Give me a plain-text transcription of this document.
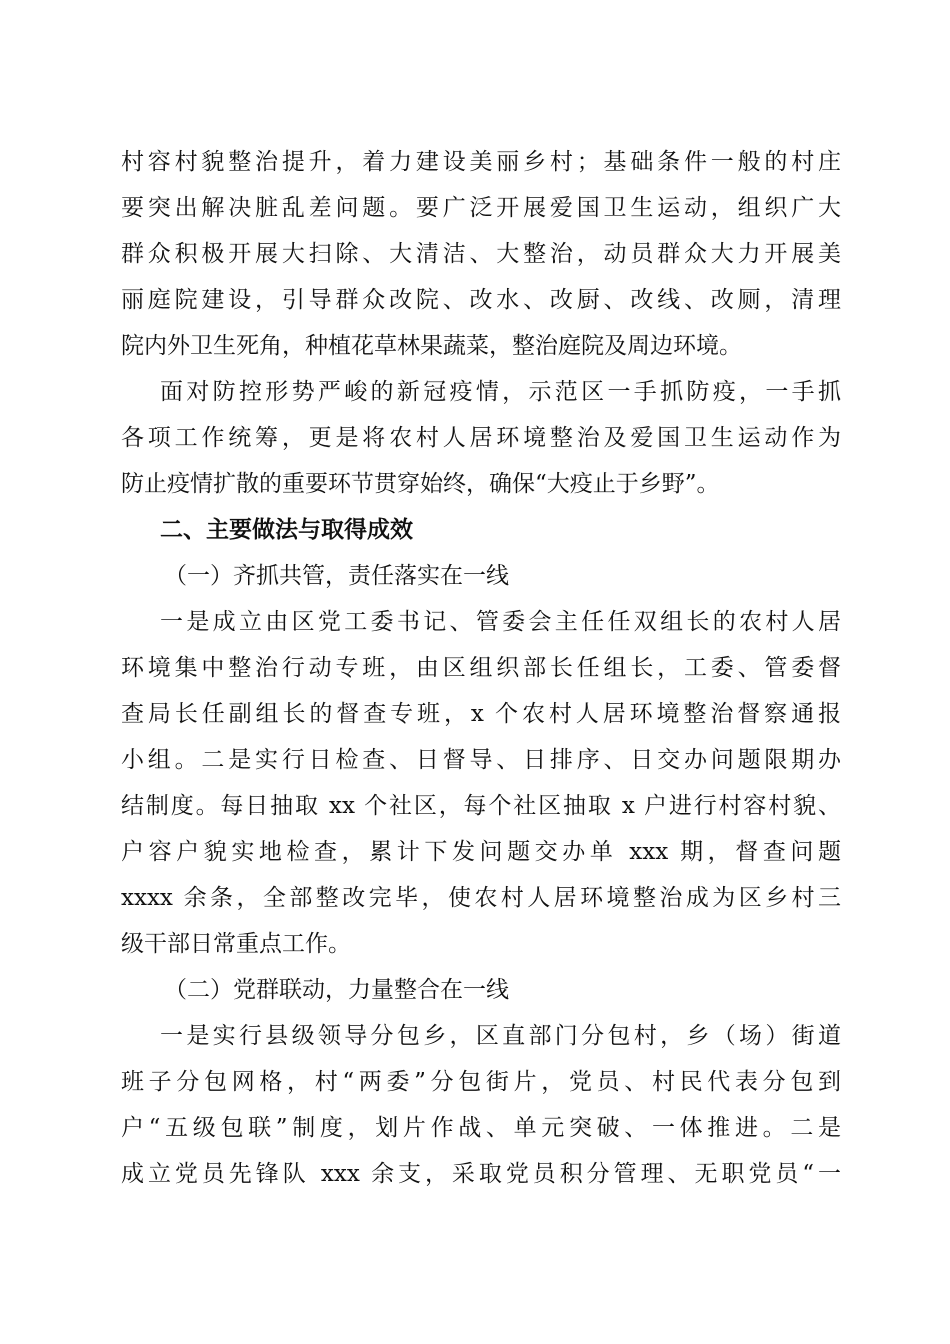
村容村貌整治提升，着力建设美丽乡村；基础条件一般的村庄
要突出解决脏乱差问题。要广泛开展爱国卫生运动，组织广大
群众积极开展大扫除、大清洁、大整治，动员群众大力开展美
丽庭院建设，引导群众改院、改水、改厨、改线、改厕，清理
院内外卫生死角，种植花草林果蔬菜，整治庭院及周边环境。
面对防控形势严峻的新冠疫情，示范区一手抓防疫，一手抓
各项工作统筹，更是将农村人居环境整治及爱国卫生运动作为
防止疫情扩散的重要环节贯穿始终，确保“大疫止于乡野”。
二、主要做法与取得成效
（一）齐抓共管，责任落实在一线
一是成立由区党工委书记、管委会主任任双组长的农村人居
环境集中整治行动专班，由区组织部长任组长，工委、管委督
查局长任副组长的督查专班，x 个农村人居环境整治督察通报
小组。二是实行日检查、日督导、日排序、日交办问题限期办
结制度。每日抽取 xx 个社区，每个社区抽取 x 户进行村容村貌、
户容户貌实地检查，累计下发问题交办单 xxx 期，督查问题
xxxx 余条，全部整改完毕，使农村人居环境整治成为区乡村三
级干部日常重点工作。
（二）党群联动，力量整合在一线
一是实行县级领导分包乡，区直部门分包村，乡（场）街道
班子分包网格，村“两委”分包街片，党员、村民代表分包到
户“五级包联”制度，划片作战、单元突破、一体推进。二是
成立党员先锋队 xxx 余支，采取党员积分管理、无职党员“一
